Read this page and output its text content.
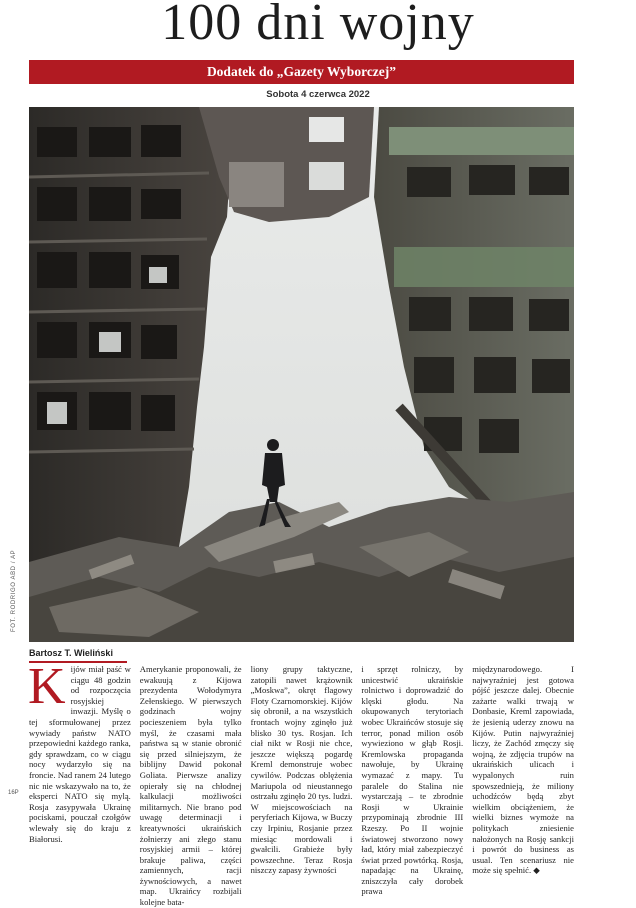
100 dni wojny
Dodatek do „Gazety Wyborczej”
Sobota 4 czerwca 2022
FOT. RODRIGO ABD / AP
Bartosz T. Wieliński
K ijów miał paść w ciągu 48 godzin od rozpoczęcia rosyjskiej inwazji. Myślę o tej sformułowanej przez wywiady państw NATO przepowiedni każdego ranka, gdy sprawdzam, co w ciągu nocy wydarzyło się na froncie. Nad ranem 24 lutego nic nie wskazywało na to, że eksperci NATO się mylą. Rosja zasypywała Ukrainę pociskami, pouczał czołgów wlewały się do kraju z Białorusi.

Amerykanie proponowali, że ewakuują z Kijowa prezydenta Wołodymyra Zełenskiego. W pierwszych godzinach wojny pocieszeniem była tylko myśl, że czasami mała państwa są w stanie obronić się przed silniejszym, że biblijny Dawid pokonał Goliata. Pierwsze analizy opierały się na chłodnej kalkulacji możliwości militarnych. Nie brano pod uwagę determinacji i kreatywności ukraińskich żołnierzy ani złego stanu rosyjskiej armii – której brakuje paliwa, części zamiennych, racji żywnościowych, a nawet map. Ukraińcy rozbijali kolejne bata-

liony grupy taktyczne, zatopili nawet krążownik „Moskwa”, okręt flagowy Floty Czarnomorskiej. Kijów się obronił, a na wszystkich frontach wojny zginęło już blisko 30 tys. Rosjan. Ich ciał nikt w Rosji nie chce, jeszcze większą pogardę Kreml demonstruje wobec cywilów. Podczas oblężenia Mariupola od nieustannego ostrzału zginęło 20 tys. ludzi. W miejscowościach na peryferiach Kijowa, w Buczy czy Irpiniu, Rosjanie przez miesiąc mordowali i gwałcili. Grabieże były powszechne. Teraz Rosja niszczy zapasy żywności

i sprzęt rolniczy, by unicestwić ukraińskie rolnictwo i doprowadzić do klęski głodu. Na okupowanych terytoriach wobec Ukraińców stosuje się terror, ponad milion osób wywieziono w głąb Rosji. Kremlowska propaganda nawołuje, by Ukrainę wymazać z mapy. Tu paralele do Stalina nie wystarczają – te zbrodnie Rosji w Ukrainie przypominają zbrodnie III Rzeszy. Po II wojnie światowej stworzono nowy ład, który miał zabezpieczyć świat przed powtórką. Rosja, napadając na Ukrainę, zniszczyła cały dorobek prawa

międzynarodowego. I najwyraźniej jest gotowa pójść jeszcze dalej. Obecnie zażarte walki trwają w Donbasie, Kreml zapowiada, że jesienią uderzy znowu na Kijów. Putin najwyraźniej liczy, że Zachód zmęczy się wojną, że zdjęcia trupów na ukraińskich ulicach i wypalonych ruin spowszednieją, że miliony uchodźców będą zbyt wielkim obciążeniem, że wielki biznes wymoże na politykach zniesienie nałożonych na Rosję sankcji i powrót do business as usual. Ten scenariusz nie może się spełnić. ◆

16P
